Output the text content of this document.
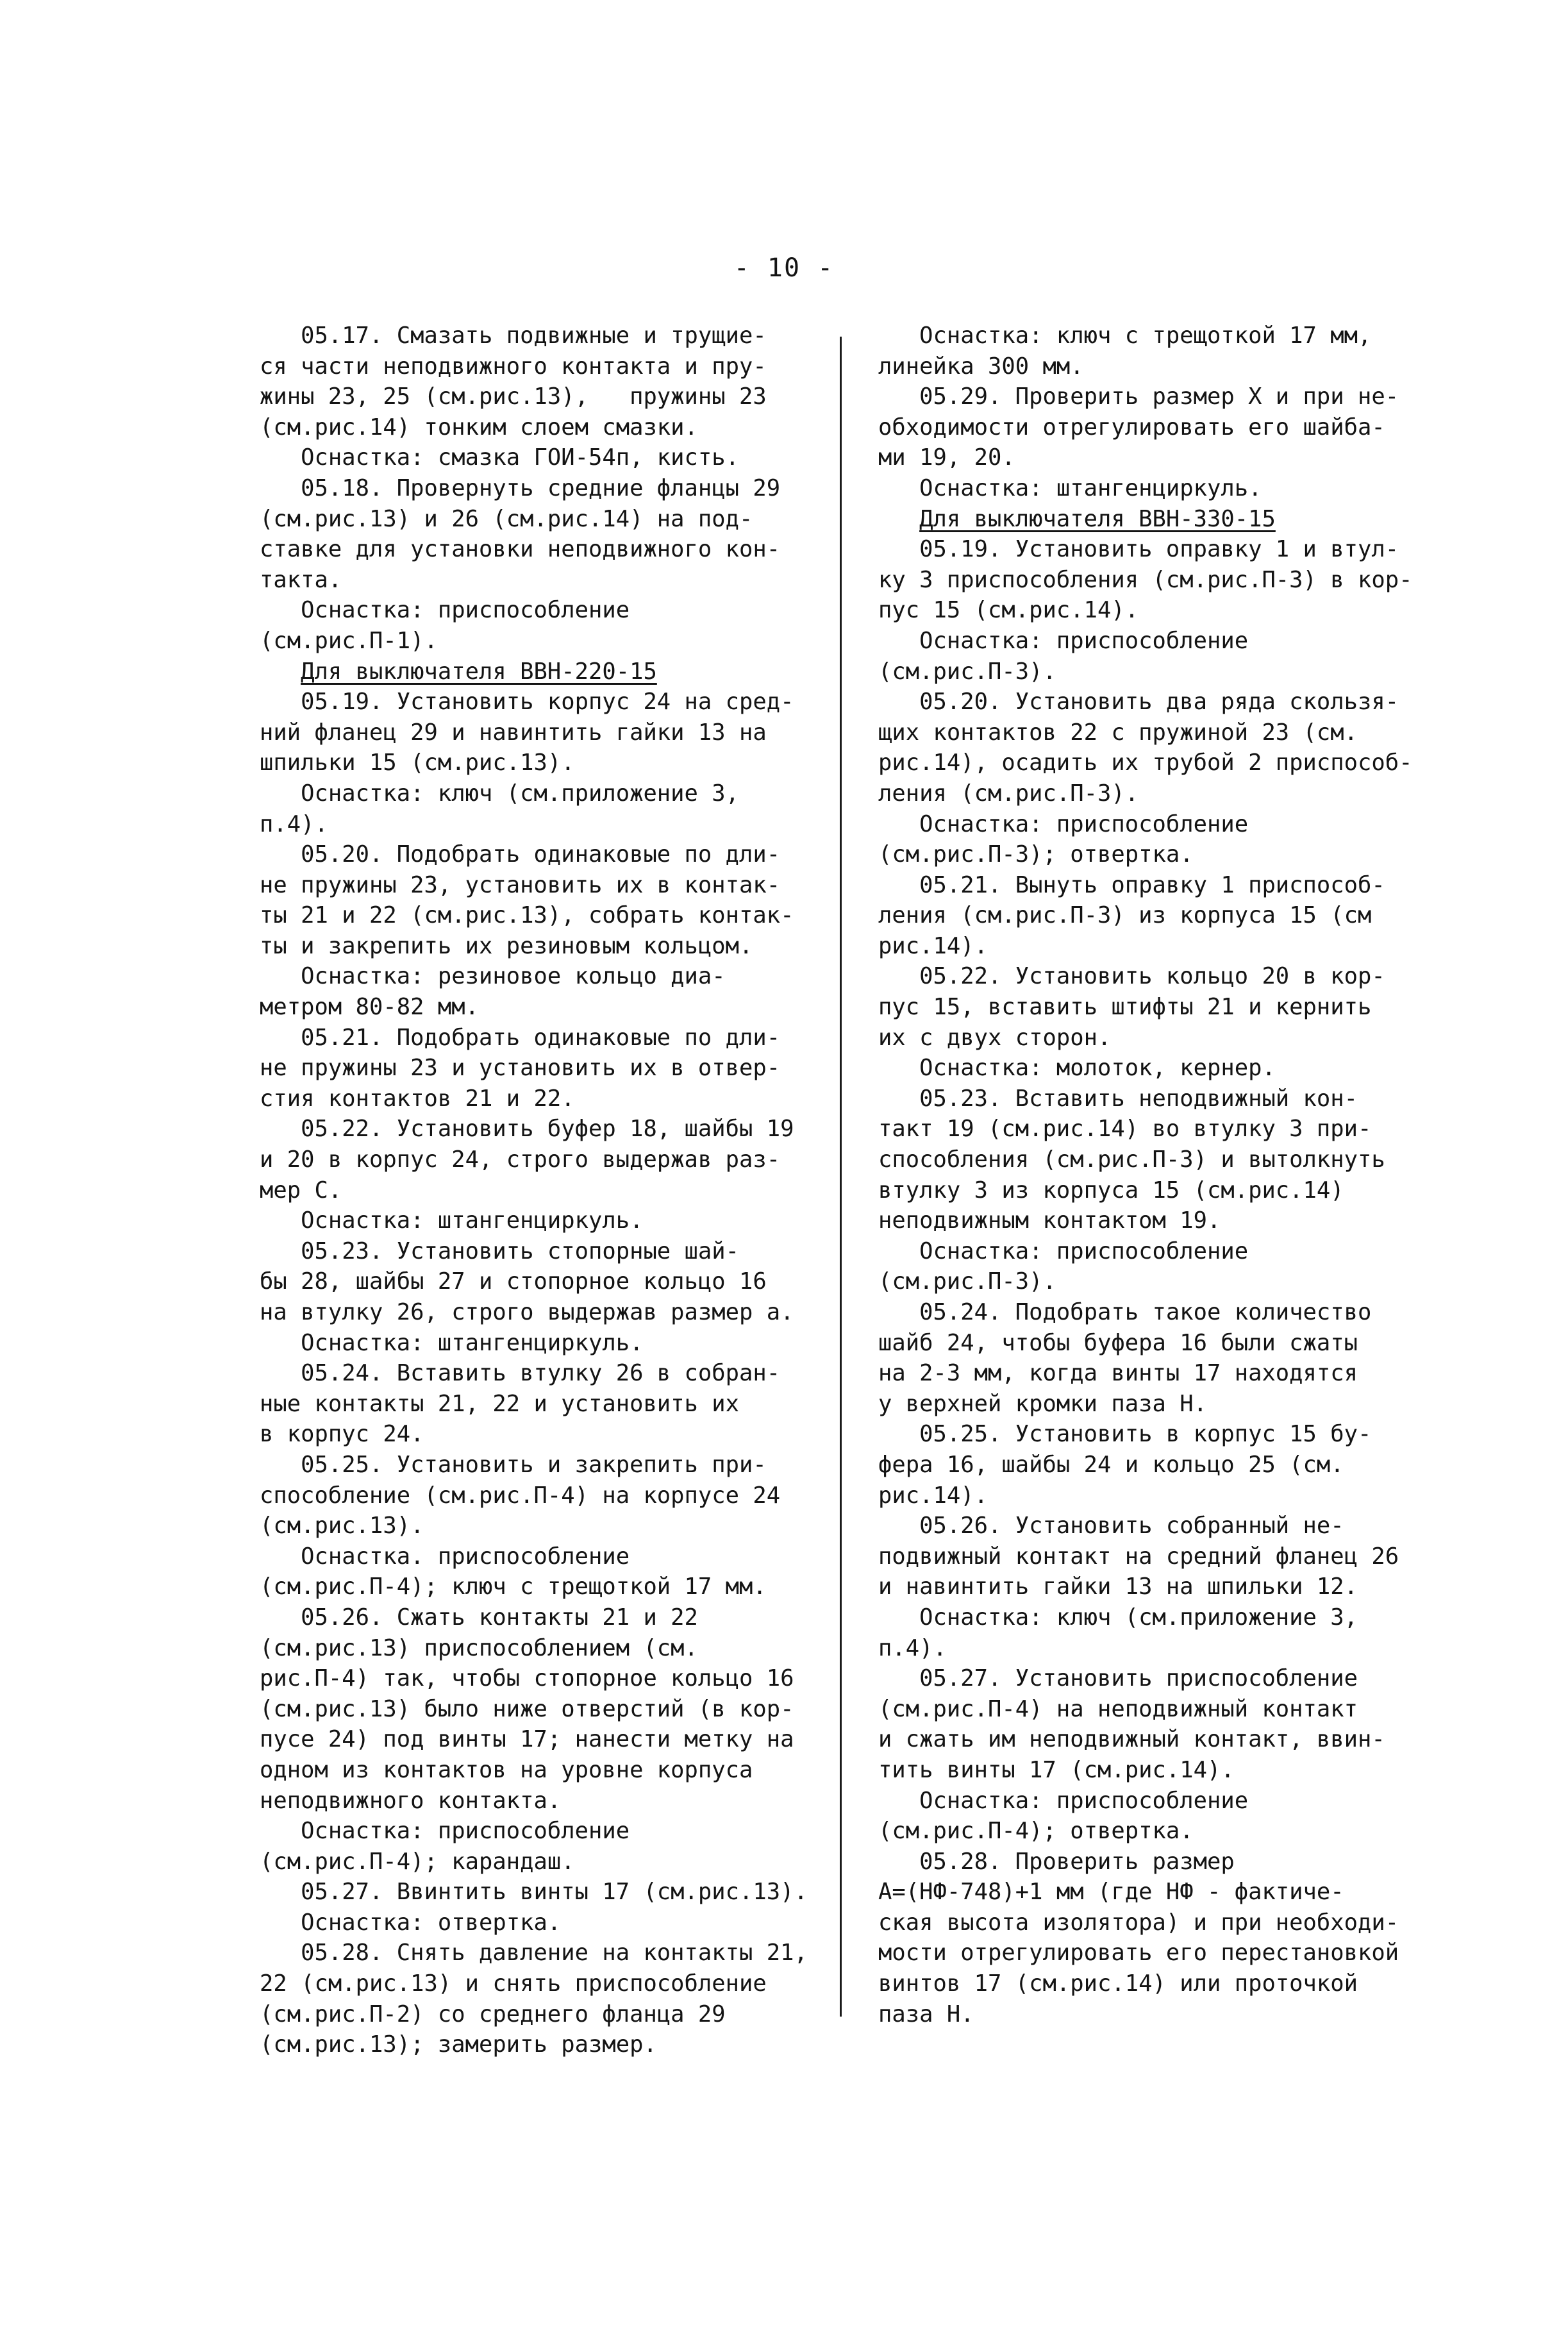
- 10 -
05.17. Смазать подвижные и трущие-
ся части неподвижного контакта и пру-
жины 23, 25 (см.рис.13),   пружины 23
(см.рис.14) тонким слоем смазки.
Оснастка: смазка ГОИ-54п, кисть.
05.18. Провернуть средние фланцы 29
(см.рис.13) и 26 (см.рис.14) на под-
ставке для установки неподвижного кон-
такта.
Оснастка: приспособление
(см.рис.П-1).
Для выключателя ВВН-220-15
05.19. Установить корпус 24 на сред-
ний фланец 29 и навинтить гайки 13 на
шпильки 15 (см.рис.13).
Оснастка: ключ (см.приложение 3,
п.4).
05.20. Подобрать одинаковые по дли-
не пружины 23, установить их в контак-
ты 21 и 22 (см.рис.13), собрать контак-
ты и закрепить их резиновым кольцом.
Оснастка: резиновое кольцо диа-
метром 80-82 мм.
05.21. Подобрать одинаковые по дли-
не пружины 23 и установить их в отвер-
стия контактов 21 и 22.
05.22. Установить буфер 18, шайбы 19
и 20 в корпус 24, строго выдержав раз-
мер C.
Оснастка: штангенциркуль.
05.23. Установить стопорные шай-
бы 28, шайбы 27 и стопорное кольцо 16
на втулку 26, строго выдержав размер a.
Оснастка: штангенциркуль.
05.24. Вставить втулку 26 в собран-
ные контакты 21, 22 и установить их
в корпус 24.
05.25. Установить и закрепить при-
способление (см.рис.П-4) на корпусе 24
(см.рис.13).
Оснастка. приспособление
(см.рис.П-4); ключ с трещоткой 17 мм.
05.26. Сжать контакты 21 и 22
(см.рис.13) приспособлением (см.
рис.П-4) так, чтобы стопорное кольцо 16
(см.рис.13) было ниже отверстий (в кор-
пусе 24) под винты 17; нанести метку на
одном из контактов на уровне корпуса
неподвижного контакта.
Оснастка: приспособление
(см.рис.П-4); карандаш.
05.27. Ввинтить винты 17 (см.рис.13).
Оснастка: отвертка.
05.28. Снять давление на контакты 21,
22 (см.рис.13) и снять приспособление
(см.рис.П-2) со среднего фланца 29
(см.рис.13); замерить размер.
Оснастка: ключ с трещоткой 17 мм,
линейка 300 мм.
05.29. Проверить размер X и при не-
обходимости отрегулировать его шайба-
ми 19, 20.
Оснастка: штангенциркуль.
Для выключателя ВВН-330-15
05.19. Установить оправку 1 и втул-
ку 3 приспособления (см.рис.П-3) в кор-
пус 15 (см.рис.14).
Оснастка: приспособление
(см.рис.П-3).
05.20. Установить два ряда скользя-
щих контактов 22 с пружиной 23 (см.
рис.14), осадить их трубой 2 приспособ-
ления (см.рис.П-3).
Оснастка: приспособление
(см.рис.П-3); отвертка.
05.21. Вынуть оправку 1 приспособ-
ления (см.рис.П-3) из корпуса 15 (см
рис.14).
05.22. Установить кольцо 20 в кор-
пус 15, вставить штифты 21 и кернить
их с двух сторон.
Оснастка: молоток, кернер.
05.23. Вставить неподвижный кон-
такт 19 (см.рис.14) во втулку 3 при-
способления (см.рис.П-3) и вытолкнуть
втулку 3 из корпуса 15 (см.рис.14)
неподвижным контактом 19.
Оснастка: приспособление
(см.рис.П-3).
05.24. Подобрать такое количество
шайб 24, чтобы буфера 16 были сжаты
на 2-3 мм, когда винты 17 находятся
у верхней кромки паза H.
05.25. Установить в корпус 15 бу-
фера 16, шайбы 24 и кольцо 25 (см.
рис.14).
05.26. Установить собранный не-
подвижный контакт на средний фланец 26
и навинтить гайки 13 на шпильки 12.
Оснастка: ключ (см.приложение 3,
п.4).
05.27. Установить приспособление
(см.рис.П-4) на неподвижный контакт
и сжать им неподвижный контакт, ввин-
тить винты 17 (см.рис.14).
Оснастка: приспособление
(см.рис.П-4); отвертка.
05.28. Проверить размер
A=(НФ-748)+1 мм (где НФ - фактиче-
ская высота изолятора) и при необходи-
мости отрегулировать его перестановкой
винтов 17 (см.рис.14) или проточкой
паза H.
